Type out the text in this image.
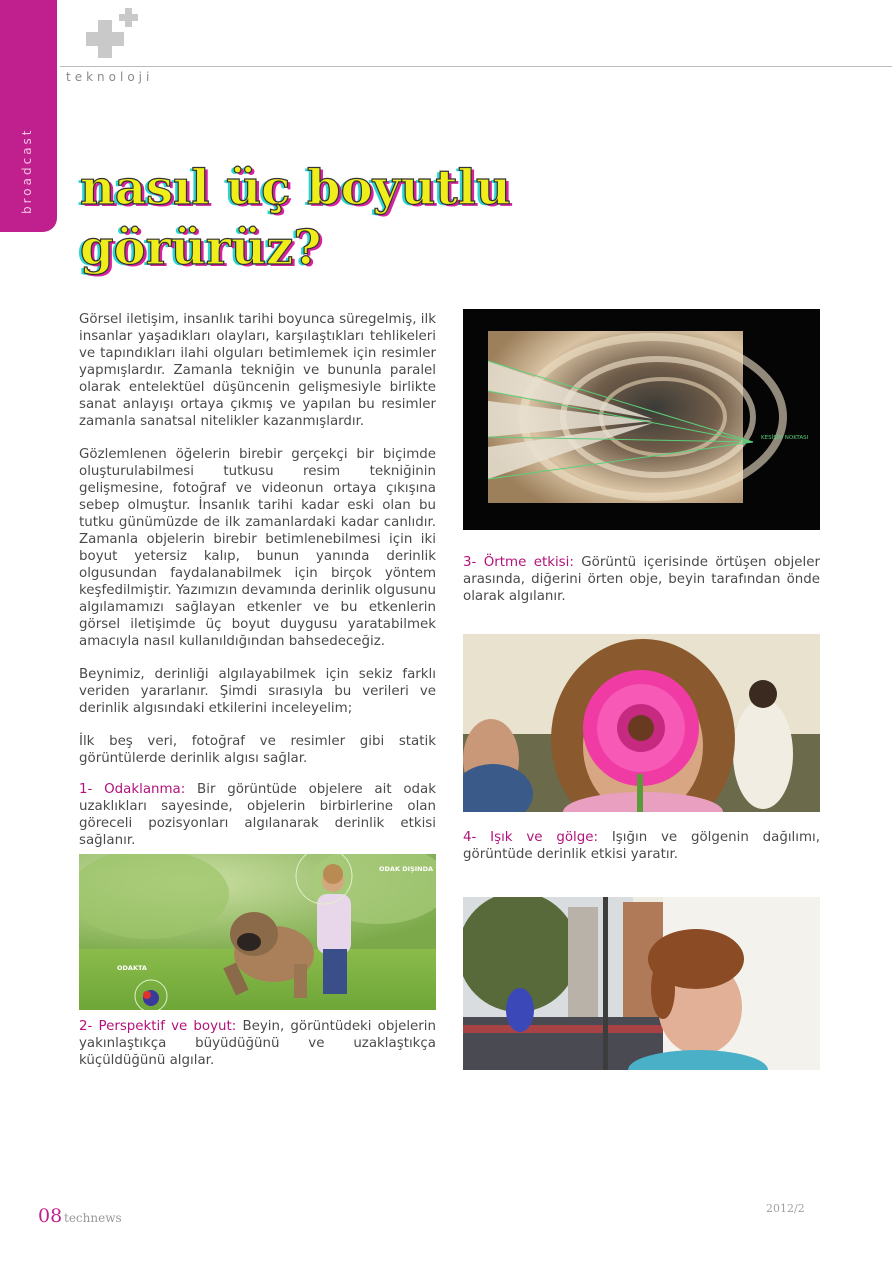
broadcast
teknoloji
nasıl üç boyutlu görürüz?

Görsel iletişim, insanlık tarihi boyunca süregelmiş, ilk insanlar yaşadıkları olayları, karşılaştıkları tehlikeleri ve tapındıkları ilahi olguları betimlemek için resimler yapmışlardır. Zamanla tekniğin ve bununla paralel olarak entelektüel düşüncenin gelişmesiyle birlikte sanat anlayışı ortaya çıkmış ve yapılan bu resimler zamanla sanatsal nitelikler kazanmışlardır.

Gözlemlenen öğelerin birebir gerçekçi bir biçimde oluşturulabilmesi tutkusu resim tekniğinin gelişmesine, fotoğraf ve videonun ortaya çıkışına sebep olmuştur. İnsanlık tarihi kadar eski olan bu tutku günümüzde de ilk zamanlardaki kadar canlıdır. Zamanla objelerin birebir betimlenebilmesi için iki boyut yetersiz kalıp, bunun yanında derinlik olgusundan faydalanabilmek için birçok yöntem keşfedilmiştir. Yazımızın devamında derinlik olgusunu algılamamızı sağlayan etkenler ve bu etkenlerin görsel iletişimde üç boyut duygusu yaratabilmek amacıyla nasıl kullanıldığından bahsedeceğiz.

Beynimiz, derinliği algılayabilmek için sekiz farklı veriden yararlanır. Şimdi sırasıyla bu verileri ve derinlik algısındaki etkilerini inceleyelim;

İlk beş veri, fotoğraf ve resimler gibi statik görüntülerde derinlik algısı sağlar.

1- Odaklanma: Bir görüntüde objelere ait odak uzaklıkları sayesinde, objelerin birbirlerine olan göreceli pozisyonları algılanarak derinlik etkisi sağlanır.

ODAK DIŞINDA
ODAKTA

2- Perspektif ve boyut: Beyin, görüntüdeki objelerin yakınlaştıkça büyüdüğünü ve uzaklaştıkça küçüldüğünü algılar.

KESİŞİM NOKTASI

3- Örtme etkisi: Görüntü içerisinde örtüşen objeler arasında, diğerini örten obje, beyin tarafından önde olarak algılanır.

4- Işık ve gölge: Işığın ve gölgenin dağılımı, görüntüde derinlik etkisi yaratır.

08 technews
2012/2
